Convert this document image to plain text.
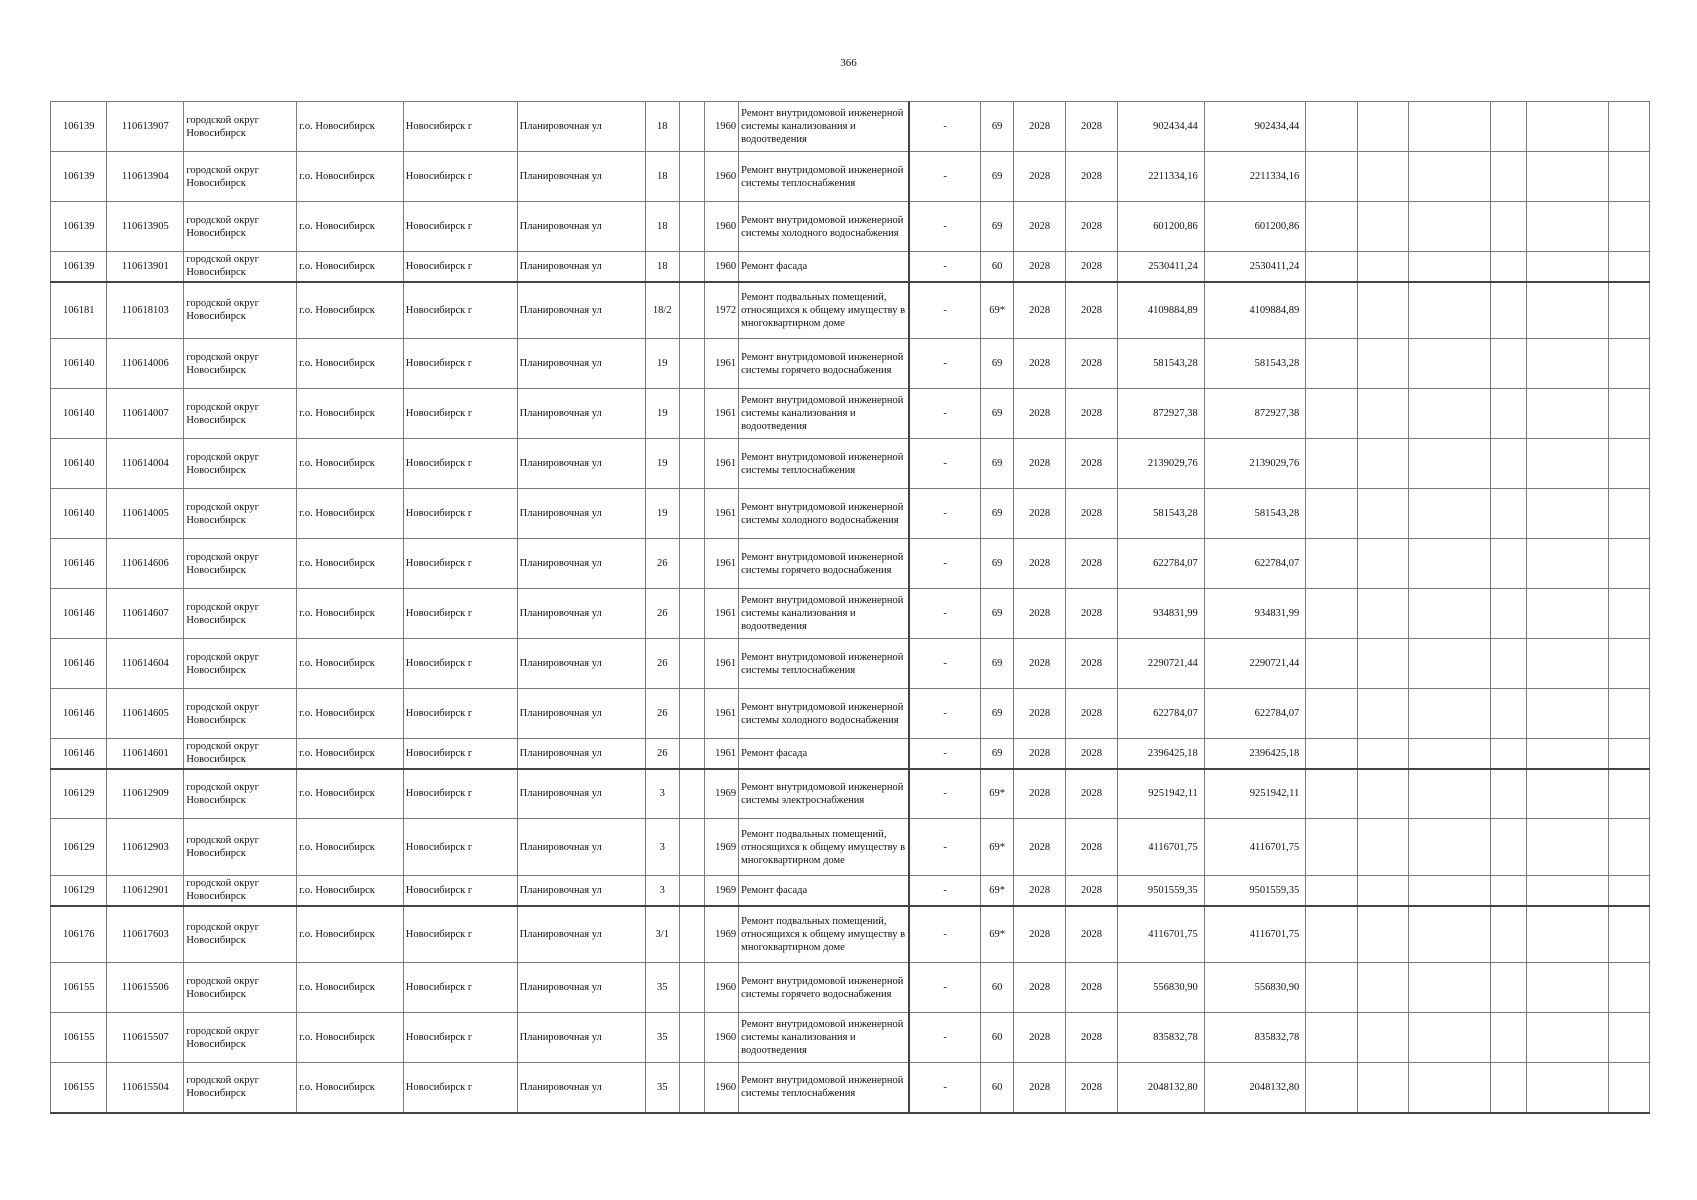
366
106139	110613907	городской округ Новосибирск	г.о. Новосибирск	Новосибирск г	Планировочная ул	18		1960	Ремонт внутридомовой инженерной системы канализования и водоотведения	-	69	2028	2028	902434,44	902434,44						
106139	110613904	городской округ Новосибирск	г.о. Новосибирск	Новосибирск г	Планировочная ул	18		1960	Ремонт внутридомовой инженерной системы теплоснабжения	-	69	2028	2028	2211334,16	2211334,16						
106139	110613905	городской округ Новосибирск	г.о. Новосибирск	Новосибирск г	Планировочная ул	18		1960	Ремонт внутридомовой инженерной системы холодного водоснабжения	-	69	2028	2028	601200,86	601200,86						
106139	110613901	городской округ Новосибирск	г.о. Новосибирск	Новосибирск г	Планировочная ул	18		1960	Ремонт фасада	-	60	2028	2028	2530411,24	2530411,24						
106181	110618103	городской округ Новосибирск	г.о. Новосибирск	Новосибирск г	Планировочная ул	18/2		1972	Ремонт подвальных помещений, относящихся к общему имуществу в многоквартирном доме	-	69*	2028	2028	4109884,89	4109884,89						
106140	110614006	городской округ Новосибирск	г.о. Новосибирск	Новосибирск г	Планировочная ул	19		1961	Ремонт внутридомовой инженерной системы горячего водоснабжения	-	69	2028	2028	581543,28	581543,28						
106140	110614007	городской округ Новосибирск	г.о. Новосибирск	Новосибирск г	Планировочная ул	19		1961	Ремонт внутридомовой инженерной системы канализования и водоотведения	-	69	2028	2028	872927,38	872927,38						
106140	110614004	городской округ Новосибирск	г.о. Новосибирск	Новосибирск г	Планировочная ул	19		1961	Ремонт внутридомовой инженерной системы теплоснабжения	-	69	2028	2028	2139029,76	2139029,76						
106140	110614005	городской округ Новосибирск	г.о. Новосибирск	Новосибирск г	Планировочная ул	19		1961	Ремонт внутридомовой инженерной системы холодного водоснабжения	-	69	2028	2028	581543,28	581543,28						
106146	110614606	городской округ Новосибирск	г.о. Новосибирск	Новосибирск г	Планировочная ул	26		1961	Ремонт внутридомовой инженерной системы горячего водоснабжения	-	69	2028	2028	622784,07	622784,07						
106146	110614607	городской округ Новосибирск	г.о. Новосибирск	Новосибирск г	Планировочная ул	26		1961	Ремонт внутридомовой инженерной системы канализования и водоотведения	-	69	2028	2028	934831,99	934831,99						
106146	110614604	городской округ Новосибирск	г.о. Новосибирск	Новосибирск г	Планировочная ул	26		1961	Ремонт внутридомовой инженерной системы теплоснабжения	-	69	2028	2028	2290721,44	2290721,44						
106146	110614605	городской округ Новосибирск	г.о. Новосибирск	Новосибирск г	Планировочная ул	26		1961	Ремонт внутридомовой инженерной системы холодного водоснабжения	-	69	2028	2028	622784,07	622784,07						
106146	110614601	городской округ Новосибирск	г.о. Новосибирск	Новосибирск г	Планировочная ул	26		1961	Ремонт фасада	-	69	2028	2028	2396425,18	2396425,18						
106129	110612909	городской округ Новосибирск	г.о. Новосибирск	Новосибирск г	Планировочная ул	3		1969	Ремонт внутридомовой инженерной системы электроснабжения	-	69*	2028	2028	9251942,11	9251942,11						
106129	110612903	городской округ Новосибирск	г.о. Новосибирск	Новосибирск г	Планировочная ул	3		1969	Ремонт подвальных помещений, относящихся к общему имуществу в многоквартирном доме	-	69*	2028	2028	4116701,75	4116701,75						
106129	110612901	городской округ Новосибирск	г.о. Новосибирск	Новосибирск г	Планировочная ул	3		1969	Ремонт фасада	-	69*	2028	2028	9501559,35	9501559,35						
106176	110617603	городской округ Новосибирск	г.о. Новосибирск	Новосибирск г	Планировочная ул	3/1		1969	Ремонт подвальных помещений, относящихся к общему имуществу в многоквартирном доме	-	69*	2028	2028	4116701,75	4116701,75						
106155	110615506	городской округ Новосибирск	г.о. Новосибирск	Новосибирск г	Планировочная ул	35		1960	Ремонт внутридомовой инженерной системы горячего водоснабжения	-	60	2028	2028	556830,90	556830,90						
106155	110615507	городской округ Новосибирск	г.о. Новосибирск	Новосибирск г	Планировочная ул	35		1960	Ремонт внутридомовой инженерной системы канализования и водоотведения	-	60	2028	2028	835832,78	835832,78						
106155	110615504	городской округ Новосибирск	г.о. Новосибирск	Новосибирск г	Планировочная ул	35		1960	Ремонт внутридомовой инженерной системы теплоснабжения	-	60	2028	2028	2048132,80	2048132,80						
